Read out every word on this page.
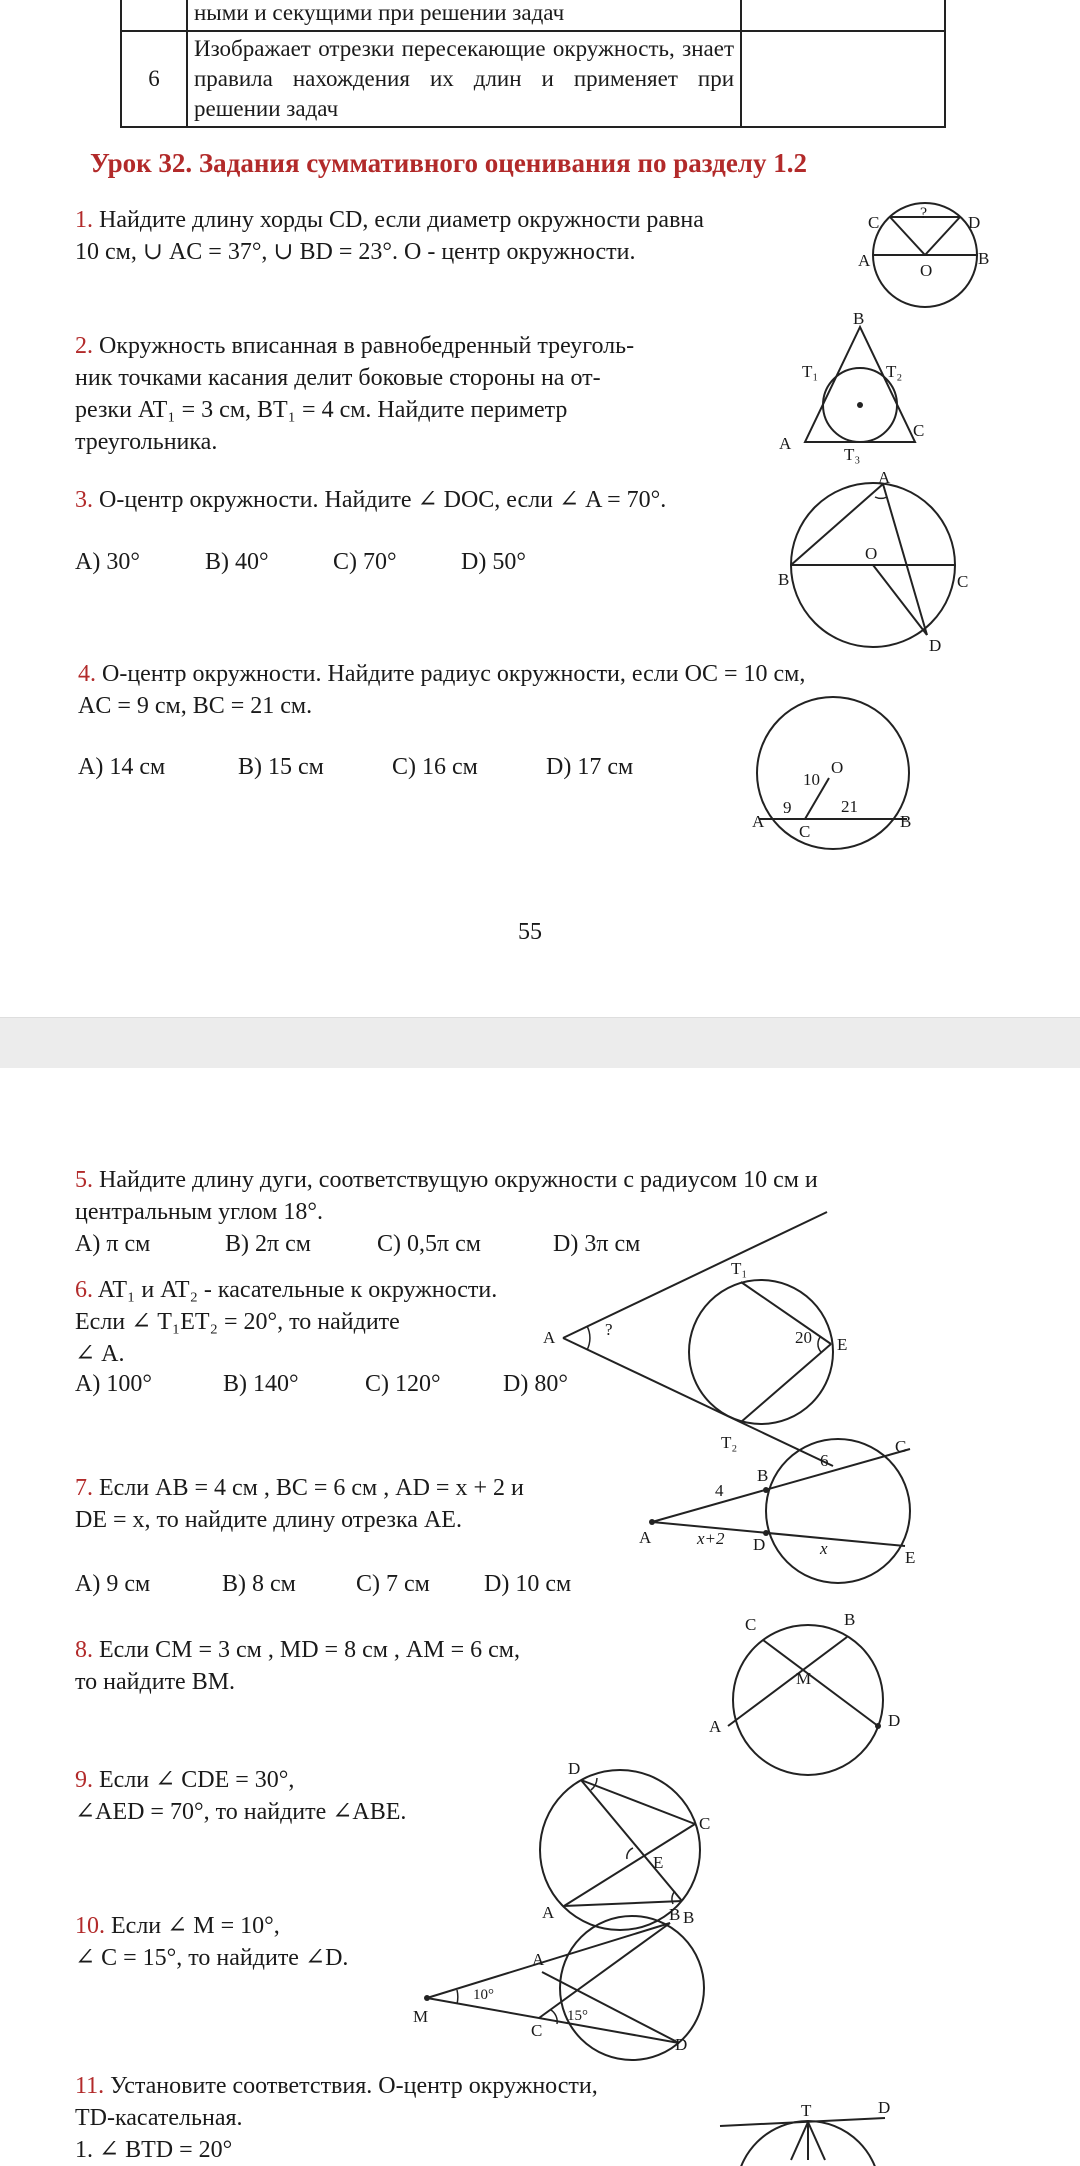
	ными и секущими при решении задач	
6	Изображает отрезки пересекающие окружность, знает правила нахождения их длин и применяет при решении задач	
Урок 32. Задания суммативного оценивания по разделу 1.2
1. Найдите длину хорды CD, если диаметр окружности равна
10 см, ∪ AC = 37°, ∪ BD = 23°. O - центр окружности.
C	D
A	B
O
?
2. Окружность вписанная в равнобедренный треуголь-
ник точками касания делит боковые стороны на от-
резки AT₁ = 3 см, BT₁ = 4 см. Найдите периметр
треугольника.
B
T₁	T₂
A
C
T₃
3. O-центр окружности. Найдите ∠ DOC, если ∠ A = 70°.
A) 30°	B) 40°	C) 70°	D) 50°
A
B
O
C
D
4. O-центр окружности. Найдите радиус окружности, если OC = 10 см,
AC = 9 см, BC = 21 см.
A) 14 см	B) 15 см	C) 16 см	D) 17 см	O
10
9	21
A
C
B
55
5. Найдите длину дуги, соответствущую окружности с радиусом 10 см и
центральным углом 18°.
A) π см	B) 2π см	C) 0,5π см	D) 3π см
6. AT₁ и AT₂ - касательные к окружности.
Если ∠ T₁ET₂ = 20°, то найдите
∠ A.
A) 100°	B) 140°	C) 120°	D) 80°
T₁
A	?	20 E
T₂
7. Если AB = 4 см , BC = 6 см , AD = x + 2 и
DE = x, то найдите длину отрезка AE.
A) 9 см	B) 8 см	C) 7 см D) 10 см
B
C
A	D
E
4
6
x+2
x
8. Если CM = 3 см , MD = 8 см , AM = 6 см,
то найдите BM.
C	B
M
A	D
9. Если ∠ CDE = 30°,
∠AED = 70°, то найдите ∠ABE.
D
C
E
A	B
10. Если ∠ M = 10°,
∠ C = 15°, то найдите ∠D.
B
A
M
C
D
10°
15°
11. Установите соответствия. O-центр окружности,
TD-касательная.
1. ∠ BTD = 20°
T	D
